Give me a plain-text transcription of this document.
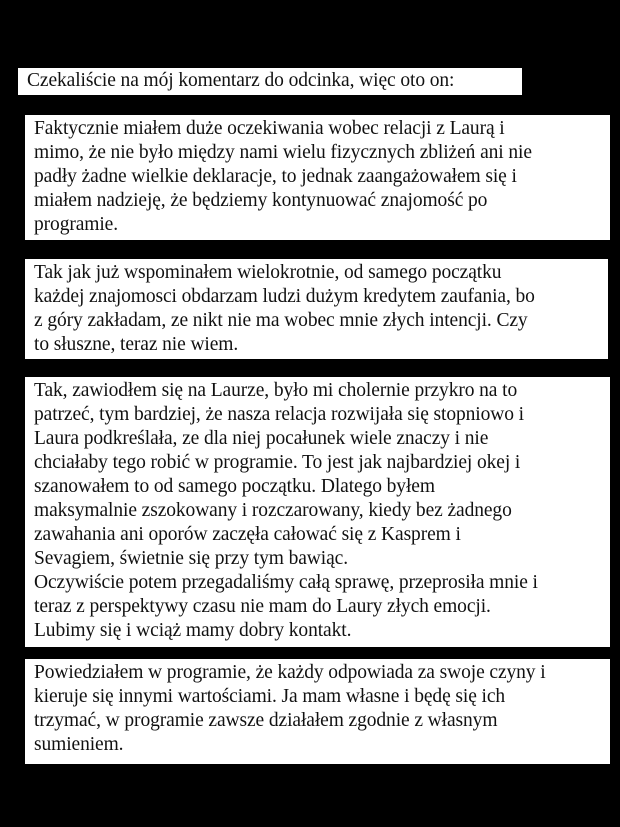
Czekaliście na mój komentarz do odcinka, więc oto on:
Faktycznie miałem duże oczekiwania wobec relacji z Laurą i
mimo, że nie było między nami wielu fizycznych zbliżeń ani nie
padły żadne wielkie deklaracje, to jednak zaangażowałem się i
miałem nadzieję, że będziemy kontynuować znajomość po
programie.
Tak jak już wspominałem wielokrotnie, od samego początku
każdej znajomosci obdarzam ludzi dużym kredytem zaufania, bo
z góry zakładam, ze nikt nie ma wobec mnie złych intencji. Czy
to słuszne, teraz nie wiem.
Tak, zawiodłem się na Laurze, było mi cholernie przykro na to
patrzeć, tym bardziej, że nasza relacja rozwijała się stopniowo i
Laura podkreślała, ze dla niej pocałunek wiele znaczy i nie
chciałaby tego robić w programie. To jest jak najbardziej okej i
szanowałem to od samego początku. Dlatego byłem
maksymalnie zszokowany i rozczarowany, kiedy bez żadnego
zawahania ani oporów zaczęła całować się z Kasprem i
Sevagiem, świetnie się przy tym bawiąc.
Oczywiście potem przegadaliśmy całą sprawę, przeprosiła mnie i
teraz z perspektywy czasu nie mam do Laury złych emocji.
Lubimy się i wciąż mamy dobry kontakt.
Powiedziałem w programie, że każdy odpowiada za swoje czyny i
kieruje się innymi wartościami. Ja mam własne i będę się ich
trzymać, w programie zawsze działałem zgodnie z własnym
sumieniem.
